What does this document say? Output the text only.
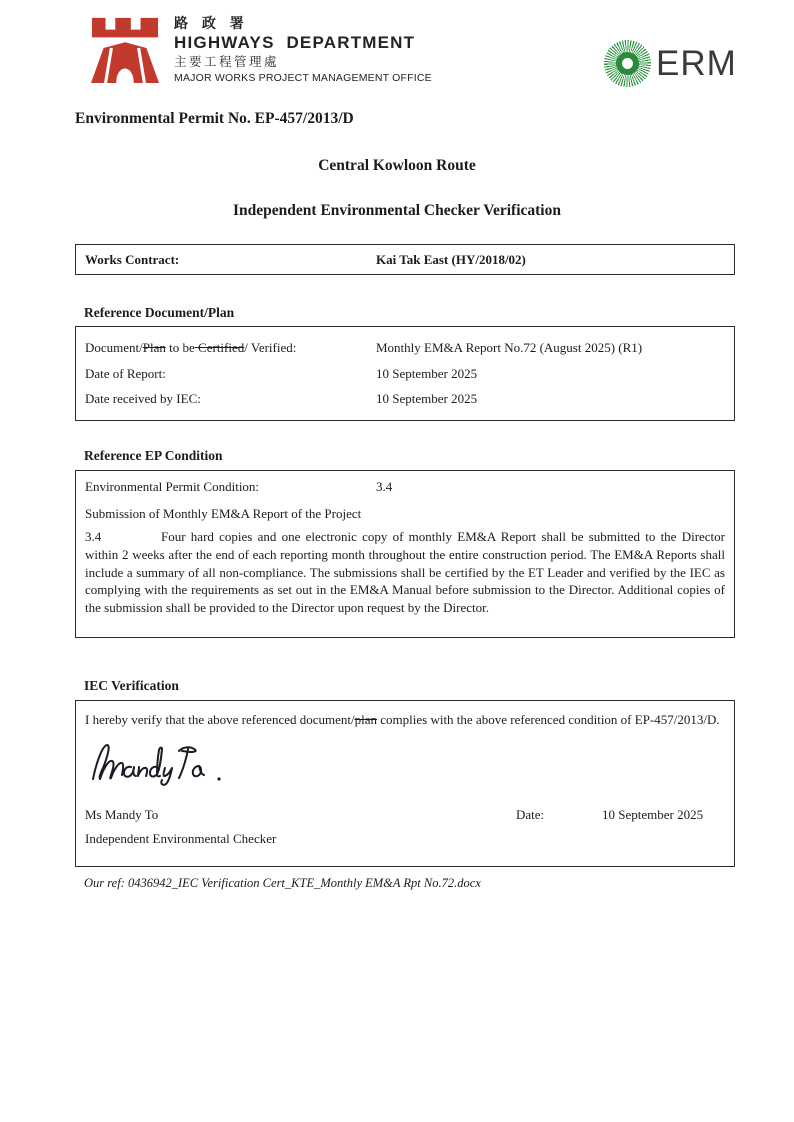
路 政 署
HIGHWAYS  DEPARTMENT
主要工程管理處
MAJOR WORKS PROJECT MANAGEMENT OFFICE	ERM
Environmental Permit No. EP-457/2013/D
Central Kowloon Route
Independent Environmental Checker Verification
Works Contract:	Kai Tak East (HY/2018/02)
Reference Document/Plan
Document/Plan to be Certified/ Verified:	Monthly EM&A Report No.72 (August 2025) (R1)
Date of Report:	10 September 2025
Date received by IEC:	10 September 2025
Reference EP Condition
Environmental Permit Condition:	3.4
Submission of Monthly EM&A Report of the Project
3.4	Four hard copies and one electronic copy of monthly EM&A Report shall be submitted to the Director within 2 weeks after the end of each reporting month throughout the entire construction period. The EM&A Reports shall include a summary of all non-compliance. The submissions shall be certified by the ET Leader and verified by the IEC as complying with the requirements as set out in the EM&A Manual before submission to the Director. Additional copies of the submission shall be provided to the Director upon request by the Director.
IEC Verification
I hereby verify that the above referenced document/plan complies with the above referenced condition of EP-457/2013/D.
Ms Mandy To	Date:	10 September 2025
Independent Environmental Checker
Our ref: 0436942_IEC Verification Cert_KTE_Monthly EM&A Rpt No.72.docx
